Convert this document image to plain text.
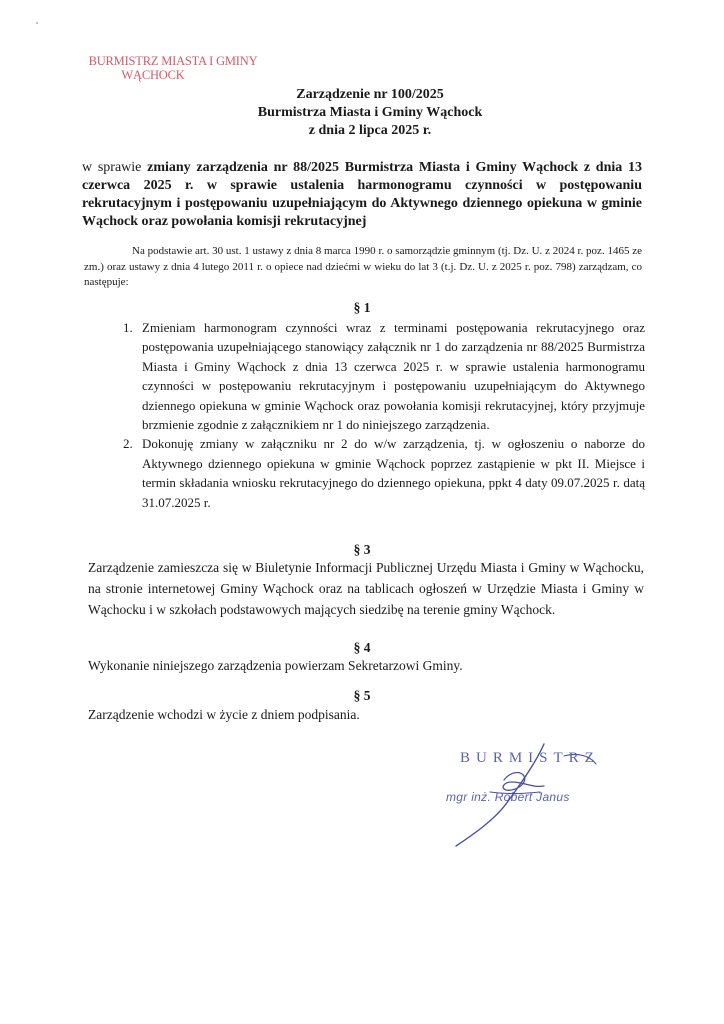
BURMISTRZ MIASTA I GMINY
WĄCHOCK
Zarządzenie nr 100/2025
Burmistrza Miasta i Gminy Wąchock
z dnia 2 lipca 2025 r.
w sprawie zmiany zarządzenia nr 88/2025 Burmistrza Miasta i Gminy Wąchock z dnia 13 czerwca 2025 r. w sprawie ustalenia harmonogramu czynności w postępowaniu rekrutacyjnym i postępowaniu uzupełniającym do Aktywnego dziennego opiekuna w gminie Wąchock oraz powołania komisji rekrutacyjnej
Na podstawie art. 30 ust. 1 ustawy z dnia 8 marca 1990 r. o samorządzie gminnym (tj. Dz. U. z 2024 r. poz. 1465 ze zm.) oraz ustawy z dnia 4 lutego 2011 r. o opiece nad dziećmi w wieku do lat 3 (t.j. Dz. U. z 2025 r. poz. 798) zarządzam, co następuje:
§ 1
1. Zmieniam harmonogram czynności wraz z terminami postępowania rekrutacyjnego oraz postępowania uzupełniającego stanowiący załącznik nr 1 do zarządzenia nr 88/2025 Burmistrza Miasta i Gminy Wąchock z dnia 13 czerwca 2025 r. w sprawie ustalenia harmonogramu czynności w postępowaniu rekrutacyjnym i postępowaniu uzupełniającym do Aktywnego dziennego opiekuna w gminie Wąchock oraz powołania komisji rekrutacyjnej, który przyjmuje brzmienie zgodnie z załącznikiem nr 1 do niniejszego zarządzenia.
2. Dokonuję zmiany w załączniku nr 2 do w/w zarządzenia, tj. w ogłoszeniu o naborze do Aktywnego dziennego opiekuna w gminie Wąchock poprzez zastąpienie w pkt II. Miejsce i termin składania wniosku rekrutacyjnego do dziennego opiekuna, ppkt 4 daty 09.07.2025 r. datą 31.07.2025 r.
§ 3
Zarządzenie zamieszcza się w Biuletynie Informacji Publicznej Urzędu Miasta i Gminy w Wąchocku, na stronie internetowej Gminy Wąchock oraz na tablicach ogłoszeń w Urzędzie Miasta i Gminy w Wąchocku i w szkołach podstawowych mających siedzibę na terenie gminy Wąchock.
§ 4
Wykonanie niniejszego zarządzenia powierzam Sekretarzowi Gminy.
§ 5
Zarządzenie wchodzi w życie z dniem podpisania.
BURMISTRZ
mgr inż. Robert Janus
